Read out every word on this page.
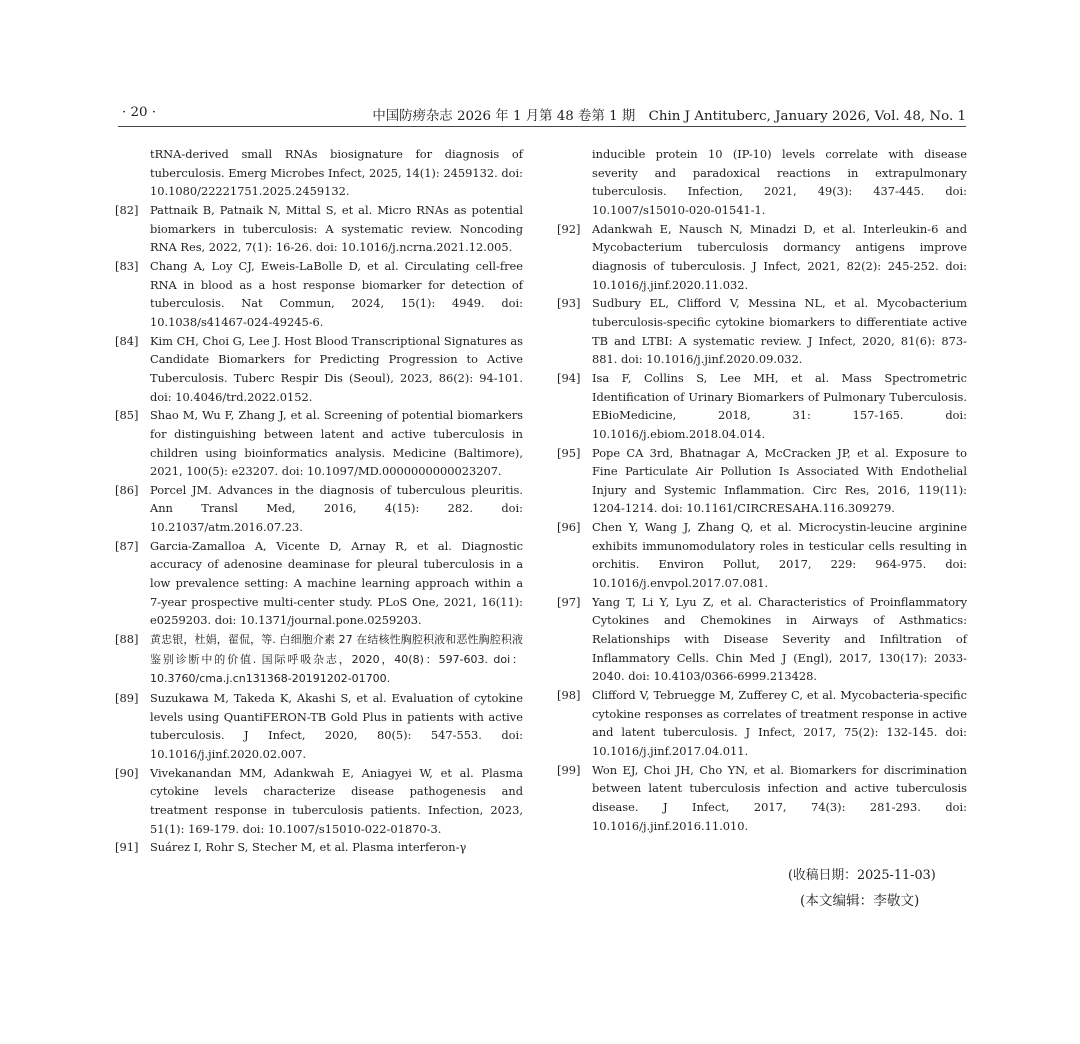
· 20 ·	中国防痨杂志 2026 年 1 月第 48 卷第 1 期　Chin J Antituberc, January 2026, Vol. 48, No. 1
tRNA-derived small RNAs biosignature for diagnosis of tuberculosis. Emerg Microbes Infect, 2025, 14(1): 2459132. doi: 10.1080/22221751.2025.2459132.
[82] Pattnaik B, Patnaik N, Mittal S, et al. Micro RNAs as potential biomarkers in tuberculosis: A systematic review. Noncoding RNA Res, 2022, 7(1): 16-26. doi: 10.1016/j.ncrna.2021.12.005.
[83] Chang A, Loy CJ, Eweis-LaBolle D, et al. Circulating cell-free RNA in blood as a host response biomarker for detection of tuberculosis. Nat Commun, 2024, 15(1): 4949. doi: 10.1038/s41467-024-49245-6.
[84] Kim CH, Choi G, Lee J. Host Blood Transcriptional Signatures as Candidate Biomarkers for Predicting Progression to Active Tuberculosis. Tuberc Respir Dis (Seoul), 2023, 86(2): 94-101. doi: 10.4046/trd.2022.0152.
[85] Shao M, Wu F, Zhang J, et al. Screening of potential biomarkers for distinguishing between latent and active tuberculosis in children using bioinformatics analysis. Medicine (Baltimore), 2021, 100(5): e23207. doi: 10.1097/MD.0000000000023207.
[86] Porcel JM. Advances in the diagnosis of tuberculous pleuritis. Ann Transl Med, 2016, 4(15): 282. doi: 10.21037/atm.2016.07.23.
[87] Garcia-Zamalloa A, Vicente D, Arnay R, et al. Diagnostic accuracy of adenosine deaminase for pleural tuberculosis in a low prevalence setting: A machine learning approach within a 7-year prospective multi-center study. PLoS One, 2021, 16(11): e0259203. doi: 10.1371/journal.pone.0259203.
[88] 黄忠银，杜娟，翟侃，等. 白细胞介素 27 在结核性胸腔积液和恶性胸腔积液鉴别诊断中的价值. 国际呼吸杂志，2020，40(8)：597-603. doi：10.3760/cma.j.cn131368-20191202-01700.
[89] Suzukawa M, Takeda K, Akashi S, et al. Evaluation of cytokine levels using QuantiFERON-TB Gold Plus in patients with active tuberculosis. J Infect, 2020, 80(5): 547-553. doi: 10.1016/j.jinf.2020.02.007.
[90] Vivekanandan MM, Adankwah E, Aniagyei W, et al. Plasma cytokine levels characterize disease pathogenesis and treatment response in tuberculosis patients. Infection, 2023, 51(1): 169-179. doi: 10.1007/s15010-022-01870-3.
[91] Suárez I, Rohr S, Stecher M, et al. Plasma interferon-γ
inducible protein 10 (IP-10) levels correlate with disease severity and paradoxical reactions in extrapulmonary tuberculosis. Infection, 2021, 49(3): 437-445. doi: 10.1007/s15010-020-01541-1.
[92] Adankwah E, Nausch N, Minadzi D, et al. Interleukin-6 and Mycobacterium tuberculosis dormancy antigens improve diagnosis of tuberculosis. J Infect, 2021, 82(2): 245-252. doi: 10.1016/j.jinf.2020.11.032.
[93] Sudbury EL, Clifford V, Messina NL, et al. Mycobacterium tuberculosis-specific cytokine biomarkers to differentiate active TB and LTBI: A systematic review. J Infect, 2020, 81(6): 873-881. doi: 10.1016/j.jinf.2020.09.032.
[94] Isa F, Collins S, Lee MH, et al. Mass Spectrometric Identification of Urinary Biomarkers of Pulmonary Tuberculosis. EBioMedicine, 2018, 31: 157-165. doi: 10.1016/j.ebiom.2018.04.014.
[95] Pope CA 3rd, Bhatnagar A, McCracken JP, et al. Exposure to Fine Particulate Air Pollution Is Associated With Endothelial Injury and Systemic Inflammation. Circ Res, 2016, 119(11): 1204-1214. doi: 10.1161/CIRCRESAHA.116.309279.
[96] Chen Y, Wang J, Zhang Q, et al. Microcystin-leucine arginine exhibits immunomodulatory roles in testicular cells resulting in orchitis. Environ Pollut, 2017, 229: 964-975. doi: 10.1016/j.envpol.2017.07.081.
[97] Yang T, Li Y, Lyu Z, et al. Characteristics of Proinflammatory Cytokines and Chemokines in Airways of Asthmatics: Relationships with Disease Severity and Infiltration of Inflammatory Cells. Chin Med J (Engl), 2017, 130(17): 2033-2040. doi: 10.4103/0366-6999.213428.
[98] Clifford V, Tebruegge M, Zufferey C, et al. Mycobacteria-specific cytokine responses as correlates of treatment response in active and latent tuberculosis. J Infect, 2017, 75(2): 132-145. doi: 10.1016/j.jinf.2017.04.011.
[99] Won EJ, Choi JH, Cho YN, et al. Biomarkers for discrimination between latent tuberculosis infection and active tuberculosis disease. J Infect, 2017, 74(3): 281-293. doi: 10.1016/j.jinf.2016.11.010.
(收稿日期：2025-11-03)
(本文编辑：李敬文)
